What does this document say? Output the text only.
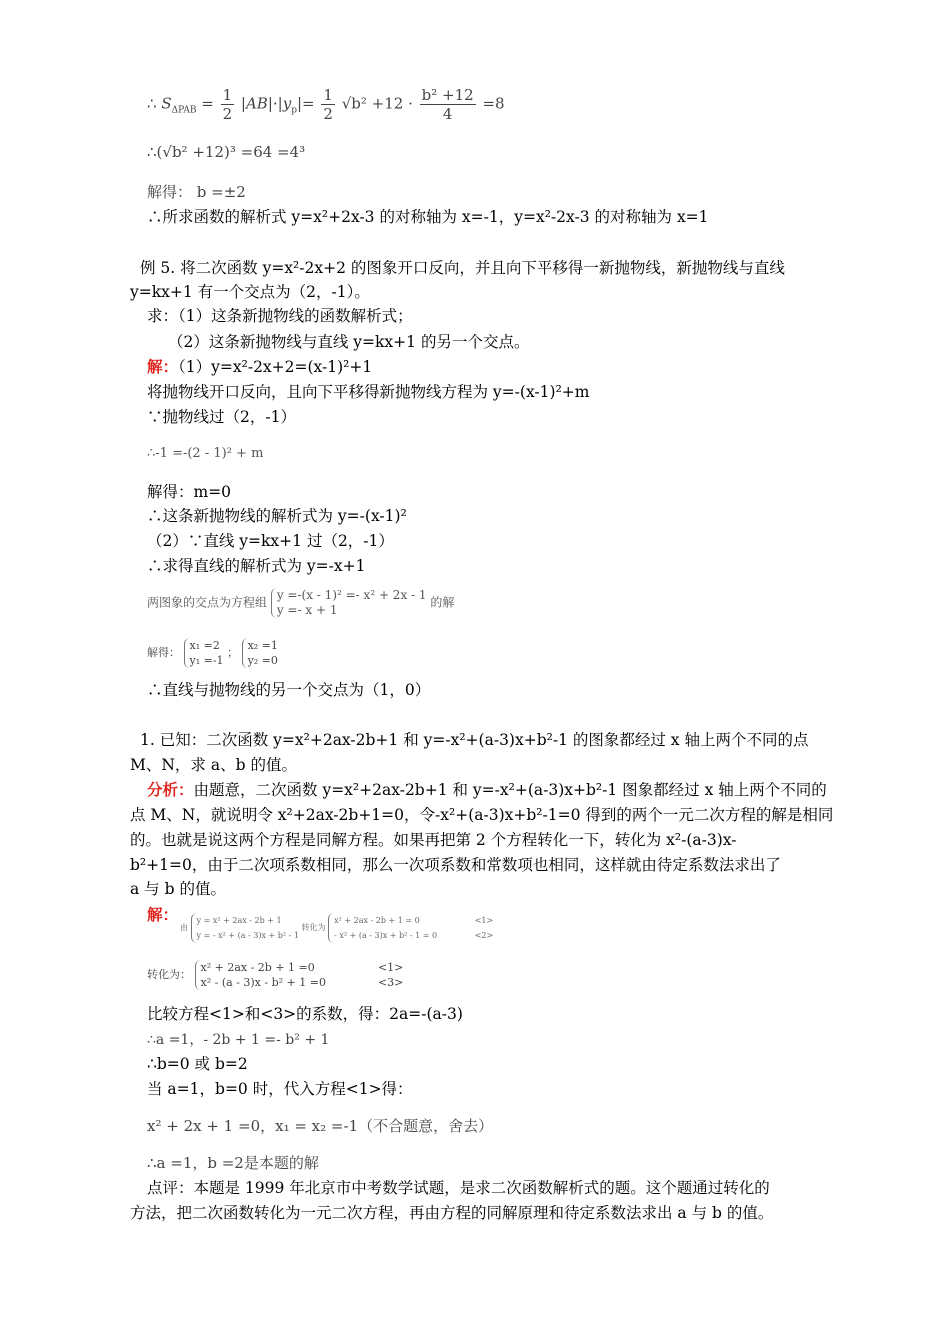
∴ $S_{\Delta PAB} = \frac{1}{2} |AB|\cdot|y_p|= \frac{1}{2} √b^2 +12 \cdot \frac{\text{b² +12}}{4} =8$
∴(√b² +12)³ =64 =4³
解得： b =±2
∴所求函数的解析式 y=x²+2x-3 的对称轴为 x=-1，y=x²-2x-3 的对称轴为 x=1
例 5. 将二次函数 y=x²-2x+2 的图象开口反向，并且向下平移得一新抛物线，新抛物线与直线
y=kx+1 有一个交点为（2，-1）。
求：（1）这条新抛物线的函数解析式；
（2）这条新抛物线与直线 y=kx+1 的另一个交点。
解：（1）y=x²-2x+2=(x-1)²+1
将抛物线开口反向，且向下平移得新抛物线方程为 y=-(x-1)²+m
∵抛物线过（2，-1）
∴-1 =-(2 - 1)² + m
解得：m=0
∴这条新抛物线的解析式为 y=-(x-1)²
（2）∵直线 y=kx+1 过（2，-1）
∴求得直线的解析式为 y=-x+1
两图象的交点为方程组 y =-(x - 1)² =- x² + 2x - 1
y =- x + 1 的解
解得： x₁ =2
y₁ =-1 ； x₂ =1
y₂ =0
∴直线与抛物线的另一个交点为（1，0）
1. 已知：二次函数 y=x²+2ax-2b+1 和 y=-x²+(a-3)x+b²-1 的图象都经过 x 轴上两个不同的点
M、N，求 a、b 的值。
分析：由题意，二次函数 y=x²+2ax-2b+1 和 y=-x²+(a-3)x+b²-1 图象都经过 x 轴上两个不同的
点 M、N，就说明令 x²+2ax-2b+1=0，令-x²+(a-3)x+b²-1=0 得到的两个一元二次方程的解是相同
的。也就是说这两个方程是同解方程。如果再把第 2 个方程转化一下，转化为 x²-(a-3)x-
b²+1=0，由于二次项系数相同，那么一次项系数和常数项也相同，这样就由待定系数法求出了
a 与 b 的值。
解：
由 y = x² + 2ax - 2b + 1
y = - x² + (a - 3)x + b² - 1 转化为 x² + 2ax - 2b + 1 = 0
- x² + (a - 3)x + b² - 1 = 0 <1>
<2>
转化为： x² + 2ax - 2b + 1 =0
x² - (a - 3)x - b² + 1 =0  <1>
<3>
比较方程<1>和<3>的系数，得：2a=-(a-3)
∴a =1，- 2b + 1 =- b² + 1
∴b=0 或 b=2
当 a=1，b=0 时，代入方程<1>得：
x² + 2x + 1 =0，x₁ = x₂ =-1（不合题意，舍去）
∴a =1，b =2是本题的解
点评：本题是 1999 年北京市中考数学试题，是求二次函数解析式的题。这个题通过转化的
方法，把二次函数转化为一元二次方程，再由方程的同解原理和待定系数法求出 a 与 b 的值。
